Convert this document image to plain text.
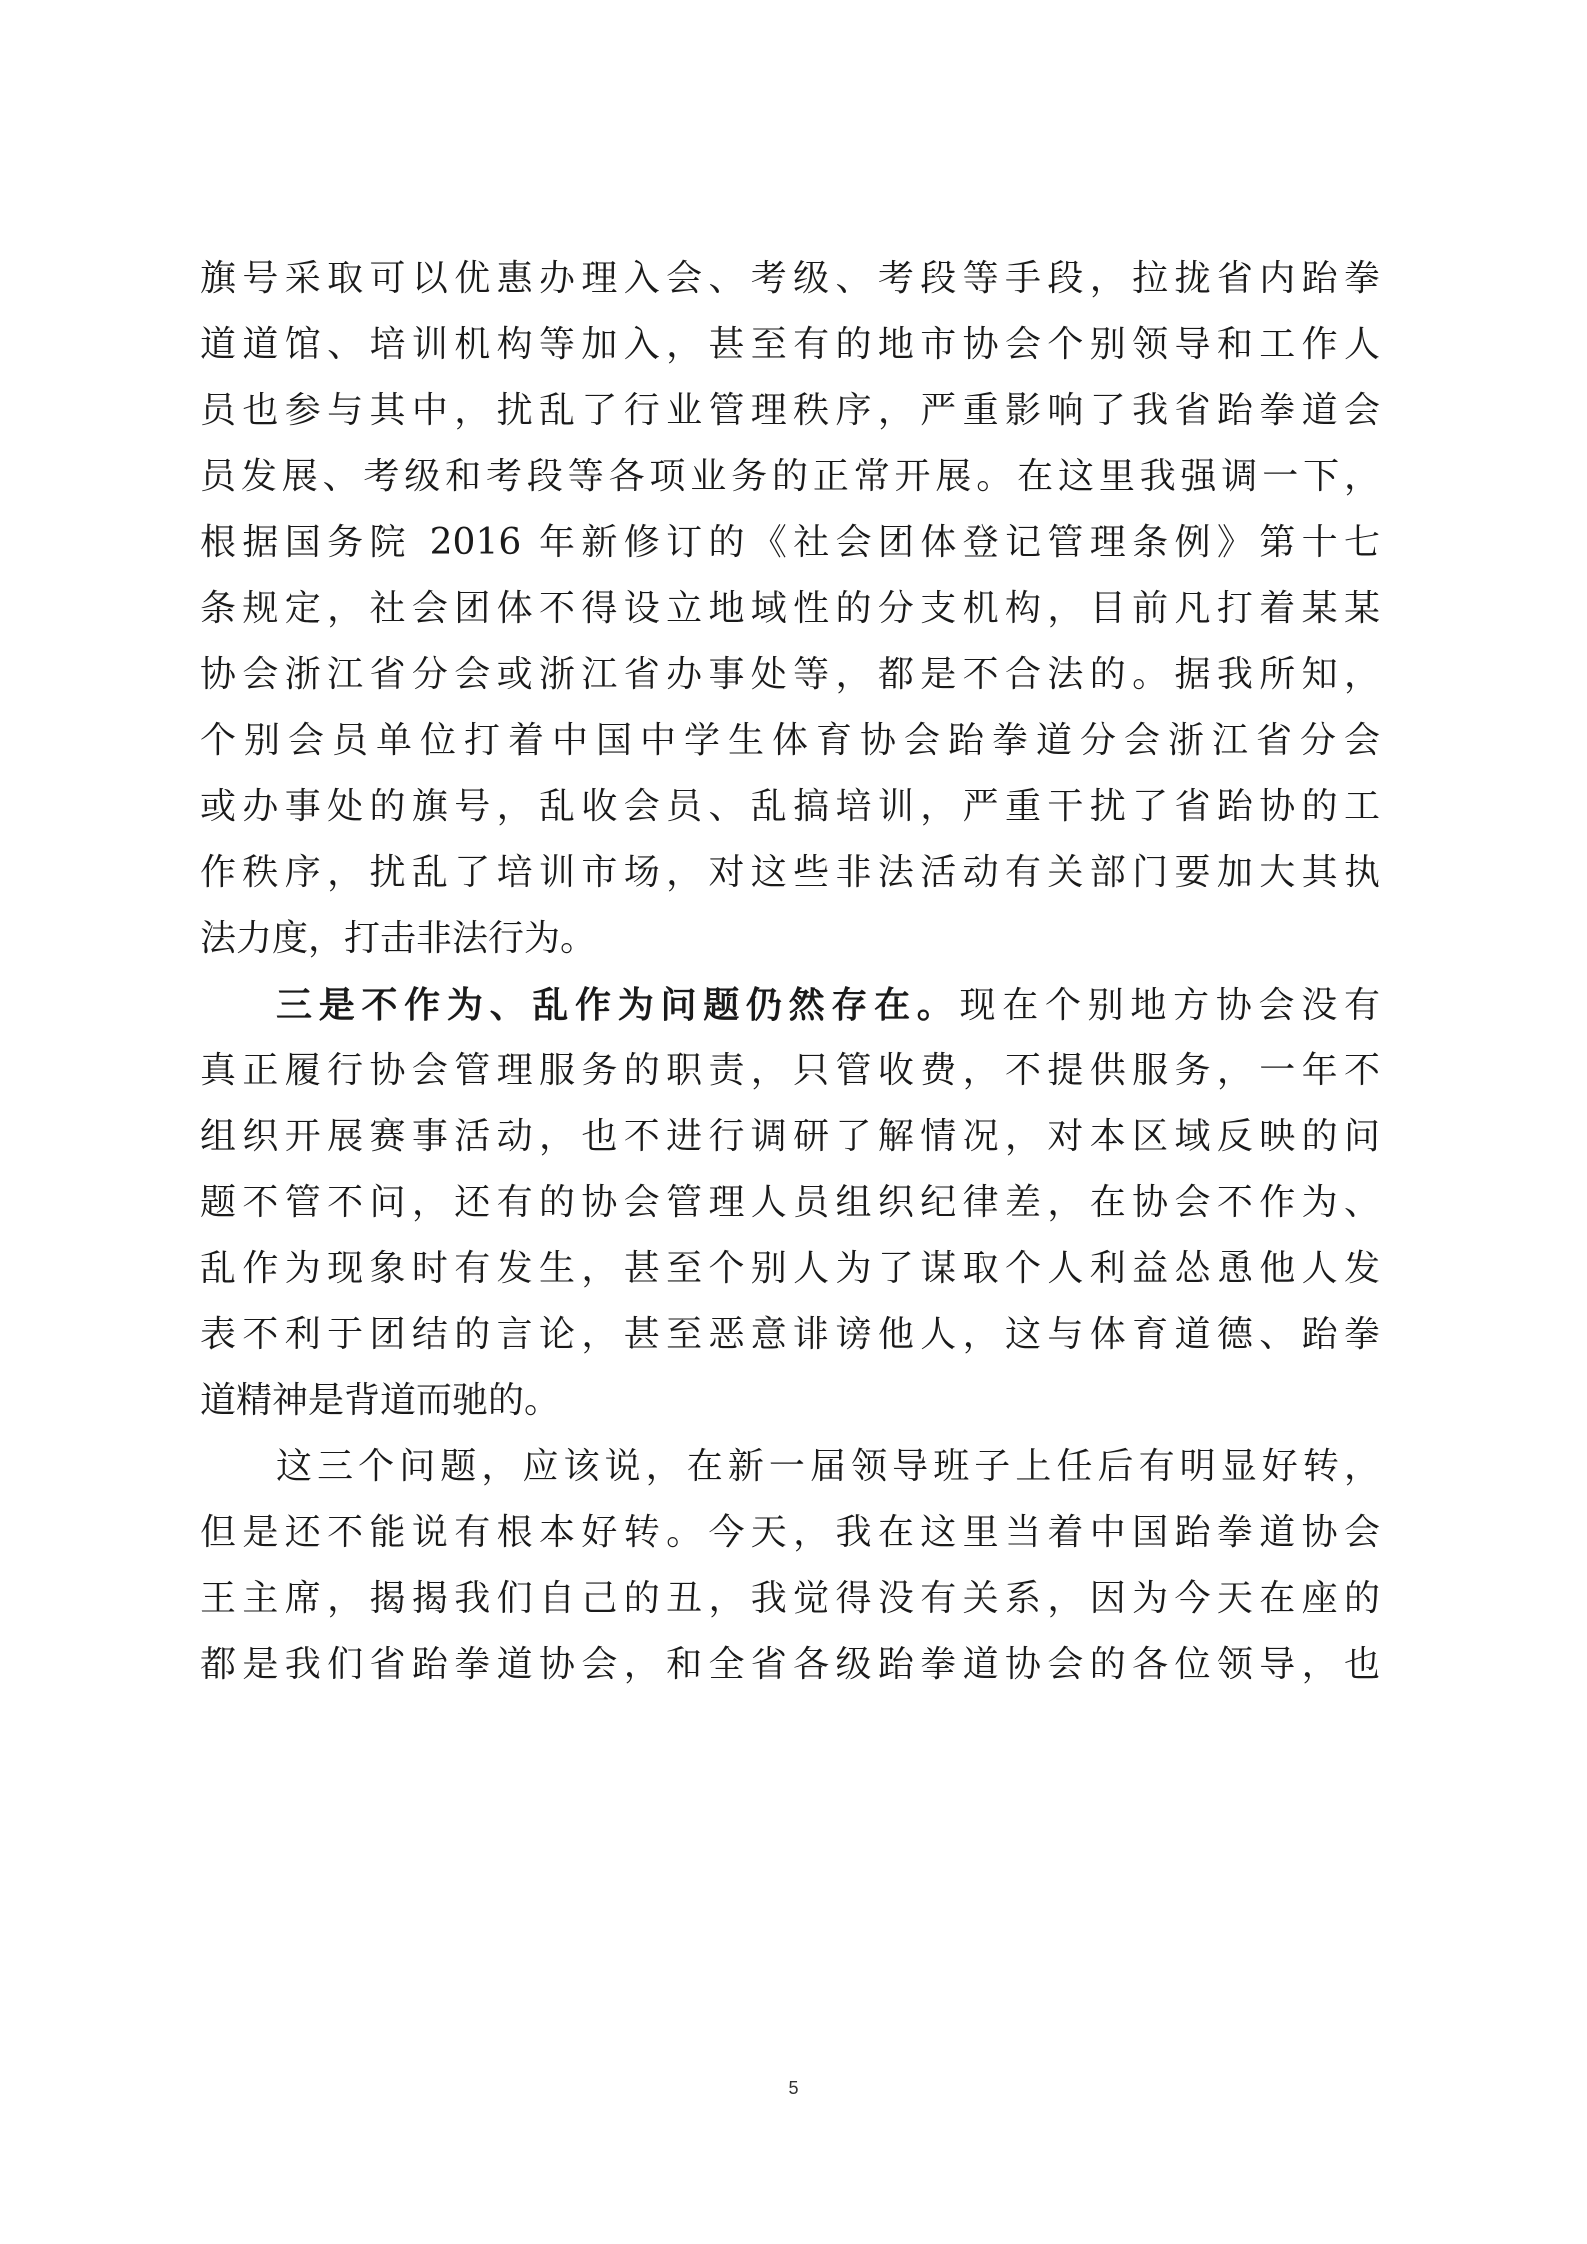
旗号采取可以优惠办理入会、考级、考段等手段，拉拢省内跆拳
道道馆、培训机构等加入，甚至有的地市协会个别领导和工作人
员也参与其中，扰乱了行业管理秩序，严重影响了我省跆拳道会
员发展、考级和考段等各项业务的正常开展。在这里我强调一下，
根据国务院 2016 年新修订的《社会团体登记管理条例》第十七
条规定，社会团体不得设立地域性的分支机构，目前凡打着某某
协会浙江省分会或浙江省办事处等，都是不合法的。据我所知，
个别会员单位打着中国中学生体育协会跆拳道分会浙江省分会
或办事处的旗号，乱收会员、乱搞培训，严重干扰了省跆协的工
作秩序，扰乱了培训市场，对这些非法活动有关部门要加大其执
法力度，打击非法行为。
三是不作为、乱作为问题仍然存在。现在个别地方协会没有
真正履行协会管理服务的职责，只管收费，不提供服务，一年不
组织开展赛事活动，也不进行调研了解情况，对本区域反映的问
题不管不问，还有的协会管理人员组织纪律差，在协会不作为、
乱作为现象时有发生，甚至个别人为了谋取个人利益怂恿他人发
表不利于团结的言论，甚至恶意诽谤他人，这与体育道德、跆拳
道精神是背道而驰的。
这三个问题，应该说，在新一届领导班子上任后有明显好转，
但是还不能说有根本好转。今天，我在这里当着中国跆拳道协会
王主席，揭揭我们自己的丑，我觉得没有关系，因为今天在座的
都是我们省跆拳道协会，和全省各级跆拳道协会的各位领导，也
5
